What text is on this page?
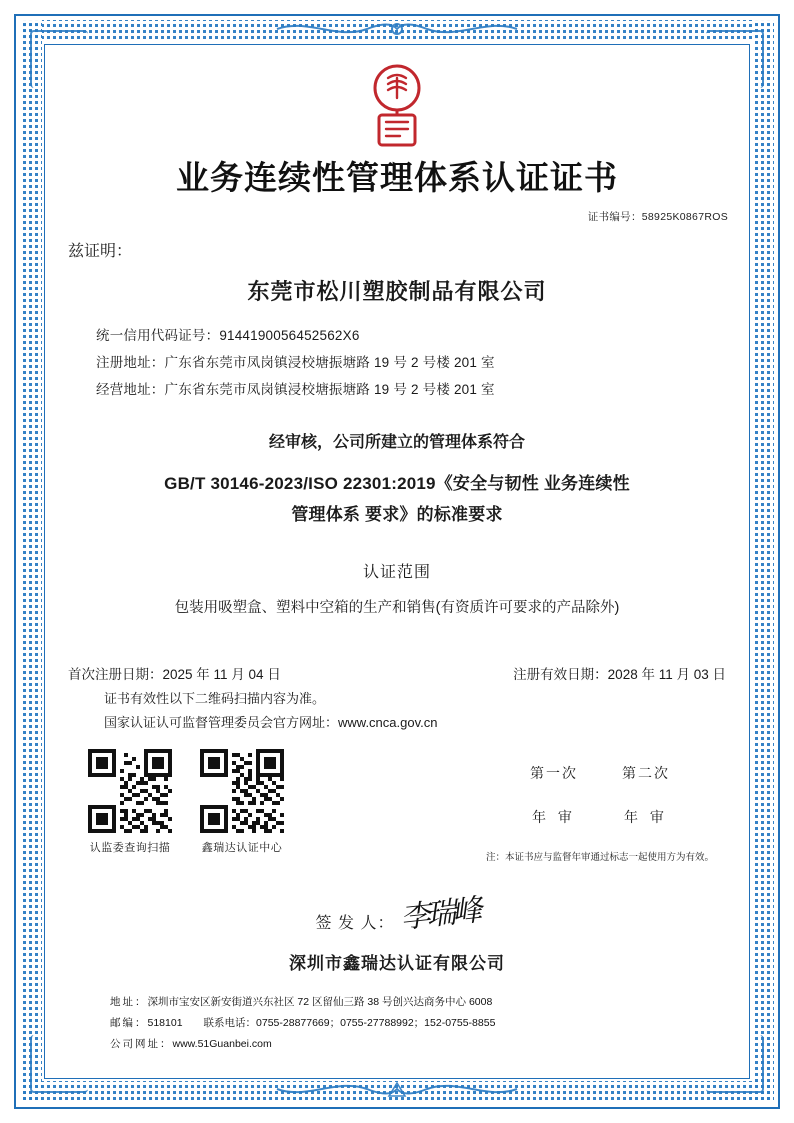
业务连续性管理体系认证证书
证书编号：58925K0867ROS
兹证明：
东莞市松川塑胶制品有限公司
统一信用代码证号：9144190056452562X6
注册地址：广东省东莞市凤岗镇浸校塘振塘路 19 号 2 号楼 201 室
经营地址：广东省东莞市凤岗镇浸校塘振塘路 19 号 2 号楼 201 室
经审核，公司所建立的管理体系符合
GB/T 30146-2023/ISO 22301:2019《安全与韧性 业务连续性
管理体系 要求》的标准要求
认证范围
包装用吸塑盒、塑料中空箱的生产和销售(有资质许可要求的产品除外)
首次注册日期：2025 年 11 月 04 日	注册有效日期：2028 年 11 月 03 日
证书有效性以下二维码扫描内容为准。
国家认证认可监督管理委员会官方网址：www.cnca.gov.cn
认监委查询扫描	鑫瑞达认证中心
第一次	第二次
年 审	年 审
注：本证书应与监督年审通过标志一起使用方为有效。
签 发 人： 李瑞峰
深圳市鑫瑞达认证有限公司
地址：深圳市宝安区新安街道兴东社区 72 区留仙三路 38 号创兴达商务中心 6008
邮编：518101　　联系电话：0755-28877669；0755-27788992；152-0755-8855
公司网址：www.51Guanbei.com
